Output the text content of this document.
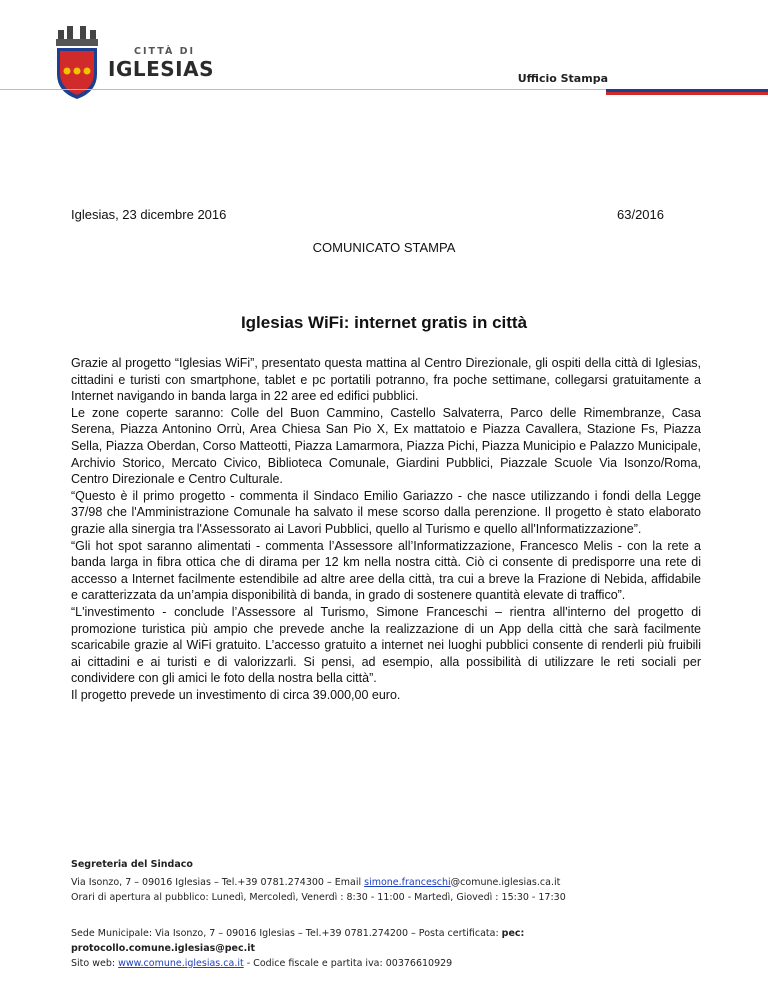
CITTÀ DI
IGLESIAS	Ufficio Stampa
Iglesias, 23 dicembre 2016	63/2016
COMUNICATO STAMPA
Iglesias WiFi: internet gratis in città

Grazie al progetto “Iglesias WiFi”, presentato questa mattina al Centro Direzionale, gli ospiti della città di Iglesias, cittadini e turisti con smartphone, tablet e pc portatili potranno, fra poche settimane, collegarsi gratuitamente a Internet navigando in banda larga in 22 aree ed edifici pubblici.

Le zone coperte saranno: Colle del Buon Cammino, Castello Salvaterra, Parco delle Rimembranze, Casa Serena, Piazza Antonino Orrù, Area Chiesa San Pio X, Ex mattatoio e Piazza Cavallera, Stazione Fs, Piazza Sella, Piazza Oberdan, Corso Matteotti, Piazza Lamarmora, Piazza Pichi, Piazza Municipio e Palazzo Municipale, Archivio Storico, Mercato Civico, Biblioteca Comunale, Giardini Pubblici, Piazzale Scuole Via Isonzo/Roma, Centro Direzionale e Centro Culturale.

“Questo è il primo progetto - commenta il Sindaco Emilio Gariazzo - che nasce utilizzando i fondi della Legge 37/98 che l'Amministrazione Comunale ha salvato il mese scorso dalla perenzione. Il progetto è stato elaborato grazie alla sinergia tra l'Assessorato ai Lavori Pubblici, quello al Turismo e quello all'Informatizzazione”.

“Gli hot spot saranno alimentati - commenta l’Assessore all’Informatizzazione, Francesco Melis - con la rete a banda larga in fibra ottica che di dirama per 12 km nella nostra città. Ciò ci consente di predisporre una rete di accesso a Internet facilmente estendibile ad altre aree della città, tra cui a breve la Frazione di Nebida, affidabile e caratterizzata da un’ampia disponibilità di banda, in grado di sostenere quantità elevate di traffico”.

“L'investimento - conclude l’Assessore al Turismo, Simone Franceschi – rientra all'interno del progetto di promozione turistica più ampio che prevede anche la realizzazione di un App della città che sarà facilmente scaricabile grazie al WiFi gratuito. L’accesso gratuito a internet nei luoghi pubblici consente di renderli più fruibili ai cittadini e ai turisti e di valorizzarli. Si pensi, ad esempio, alla possibilità di utilizzare le reti sociali per condividere con gli amici le foto della nostra bella città”.

Il progetto prevede un investimento di circa 39.000,00 euro.

Segreteria del Sindaco
Via Isonzo, 7 – 09016 Iglesias – Tel.+39 0781.274300 – Email simone.franceschi@comune.iglesias.ca.it
Orari di apertura al pubblico: Lunedì, Mercoledì, Venerdì : 8:30 - 11:00 - Martedì, Giovedì : 15:30 - 17:30
Sede Municipale: Via Isonzo, 7 – 09016 Iglesias – Tel.+39 0781.274200 – Posta certificata: pec: protocollo.comune.iglesias@pec.it
Sito web: www.comune.iglesias.ca.it - Codice fiscale e partita iva: 00376610929
